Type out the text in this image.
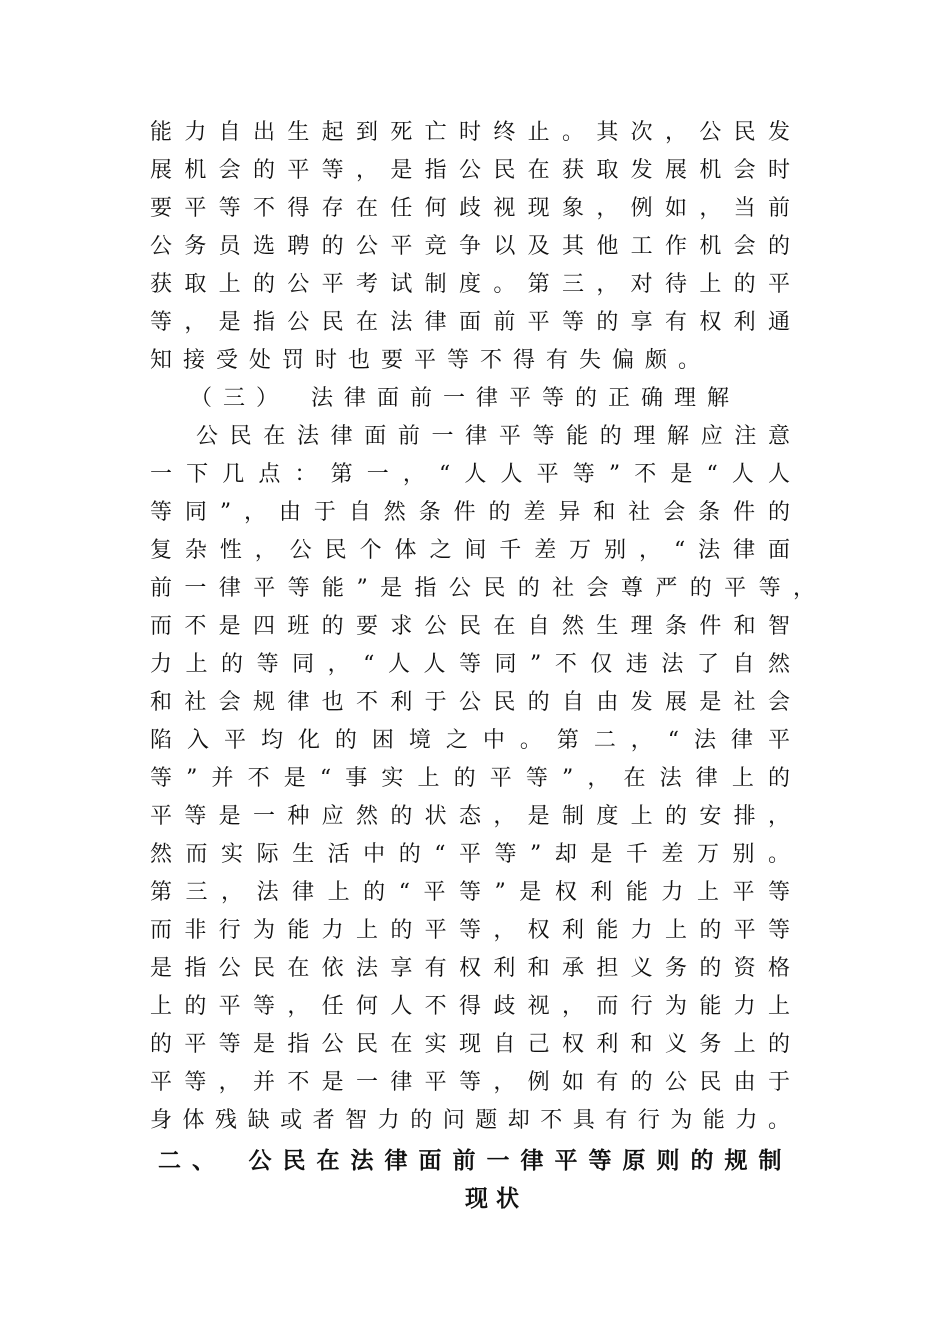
能力自出生起到死亡时终止。其次，公民发
展机会的平等，是指公民在获取发展机会时
要平等不得存在任何歧视现象，例如，当前
公务员选聘的公平竞争以及其他工作机会的
获取上的公平考试制度。第三，对待上的平
等，是指公民在法律面前平等的享有权利通
知接受处罚时也要平等不得有失偏颇。
（三）　法律面前一律平等的正确理解
公民在法律面前一律平等能的理解应注意
一下几点：第一，“人人平等”不是“人人
等同”，由于自然条件的差异和社会条件的
复杂性，公民个体之间千差万别，“法律面
前一律平等能”是指公民的社会尊严的平等，
而不是四班的要求公民在自然生理条件和智
力上的等同，“人人等同”不仅违法了自然
和社会规律也不利于公民的自由发展是社会
陷入平均化的困境之中。第二，“法律平
等”并不是“事实上的平等”，在法律上的
平等是一种应然的状态，是制度上的安排，
然而实际生活中的“平等”却是千差万别。
第三，法律上的“平等”是权利能力上平等
而非行为能力上的平等，权利能力上的平等
是指公民在依法享有权利和承担义务的资格
上的平等，任何人不得歧视，而行为能力上
的平等是指公民在实现自己权利和义务上的
平等，并不是一律平等，例如有的公民由于
身体残缺或者智力的问题却不具有行为能力。
二、　公民在法律面前一律平等原则的规制
现状
